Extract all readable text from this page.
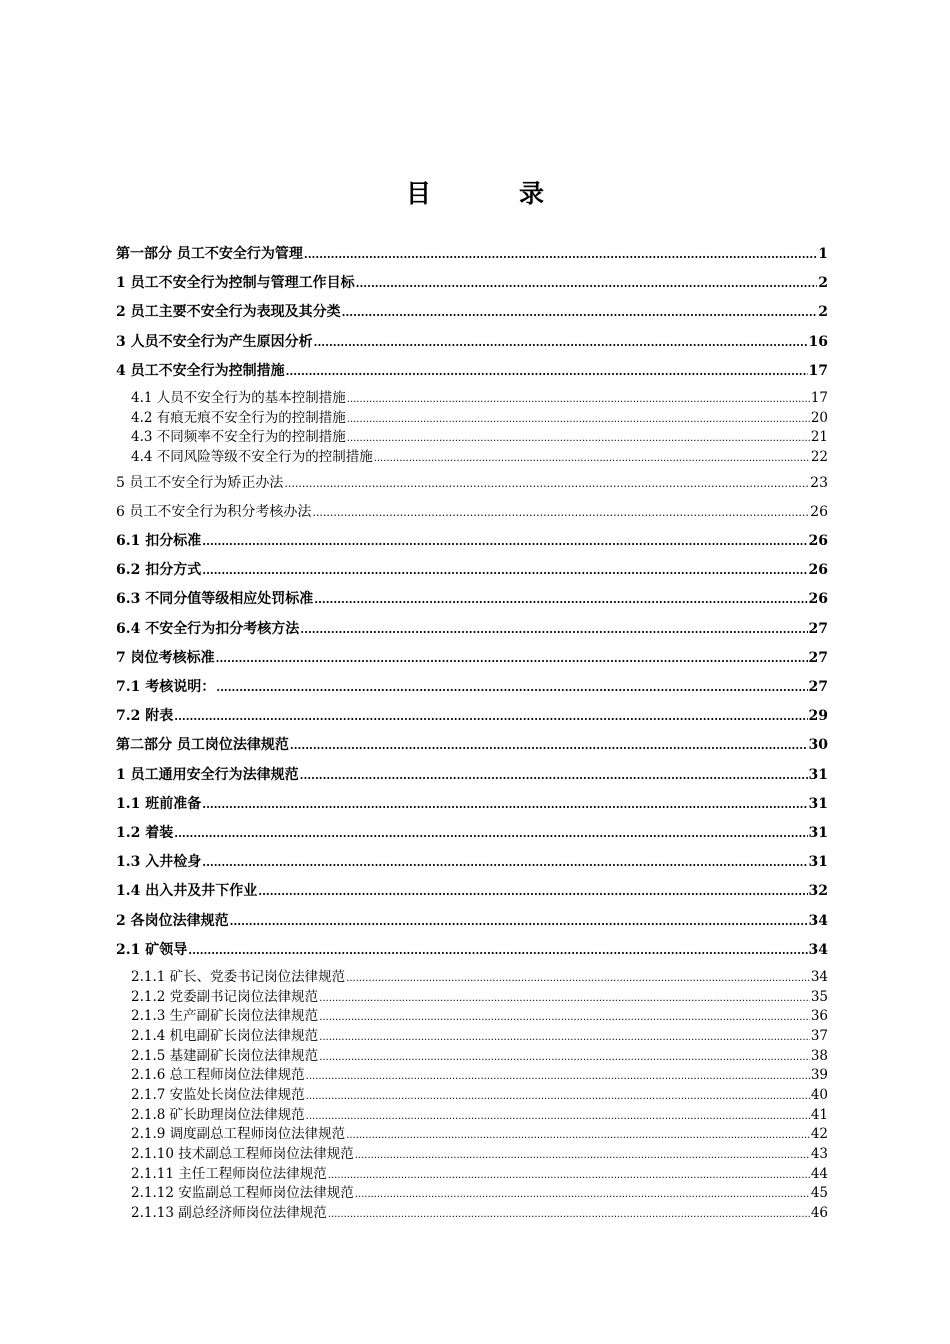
目	录
第一部分 员工不安全行为管理 .....	1
1 员工不安全行为控制与管理工作目标 .....	2
2 员工主要不安全行为表现及其分类 .....	2
3 人员不安全行为产生原因分析 .....	16
4 员工不安全行为控制措施 .....	17
4.1 人员不安全行为的基本控制措施 .....	17
4.2 有痕无痕不安全行为的控制措施 .....	20
4.3 不同频率不安全行为的控制措施 .....	21
4.4 不同风险等级不安全行为的控制措施 .....	22
5 员工不安全行为矫正办法 .....	23
6 员工不安全行为积分考核办法 .....	26
6.1 扣分标准 .....	26
6.2 扣分方式 .....	26
6.3 不同分值等级相应处罚标准 .....	26
6.4 不安全行为扣分考核方法 .....	27
7 岗位考核标准 .....	27
7.1 考核说明： .....	27
7.2 附表 .....	29
第二部分 员工岗位法律规范 .....	30
1 员工通用安全行为法律规范 .....	31
1.1 班前准备 .....	31
1.2 着装 .....	31
1.3 入井检身 .....	31
1.4 出入井及井下作业 .....	32
2 各岗位法律规范 .....	34
2.1 矿领导 .....	34
2.1.1 矿长、党委书记岗位法律规范 .....	34
2.1.2 党委副书记岗位法律规范 .....	35
2.1.3 生产副矿长岗位法律规范 .....	36
2.1.4 机电副矿长岗位法律规范 .....	37
2.1.5 基建副矿长岗位法律规范 .....	38
2.1.6 总工程师岗位法律规范 .....	39
2.1.7 安监处长岗位法律规范 .....	40
2.1.8 矿长助理岗位法律规范 .....	41
2.1.9 调度副总工程师岗位法律规范 .....	42
2.1.10 技术副总工程师岗位法律规范 .....	43
2.1.11 主任工程师岗位法律规范 .....	44
2.1.12 安监副总工程师岗位法律规范 .....	45
2.1.13 副总经济师岗位法律规范 .....	46
